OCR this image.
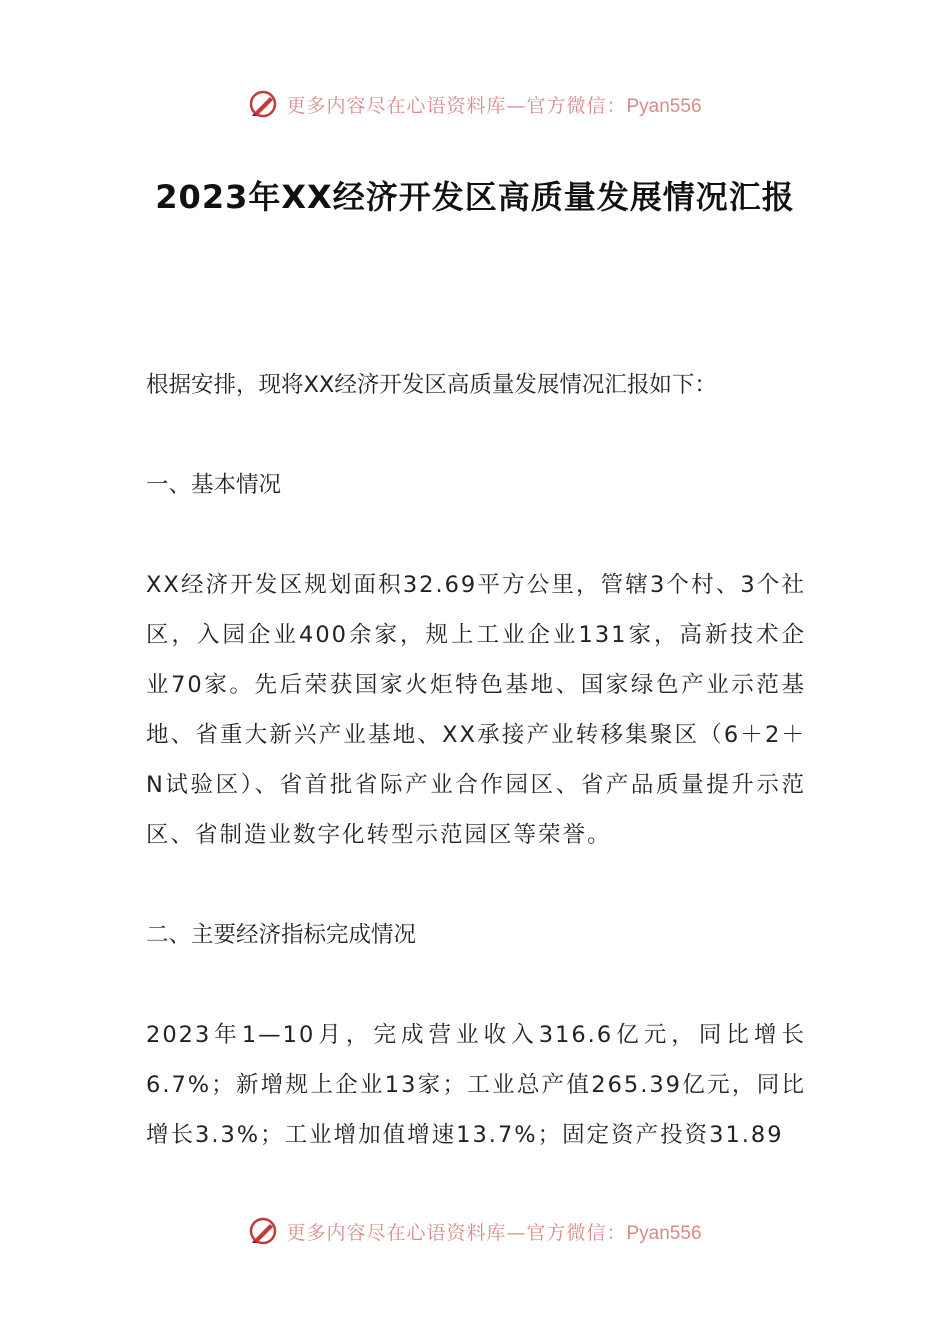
更多内容尽在心语资料库—官方微信：Pyan556
2023年XX经济开发区高质量发展情况汇报

根据安排，现将XX经济开发区高质量发展情况汇报如下：

一、基本情况

XX经济开发区规划面积32.69平方公里，管辖3个村、3个社区，入园企业400余家，规上工业企业131家，高新技术企业70家。先后荣获国家火炬特色基地、国家绿色产业示范基地、省重大新兴产业基地、XX承接产业转移集聚区（6＋2＋N试验区）、省首批省际产业合作园区、省产品质量提升示范区、省制造业数字化转型示范园区等荣誉。

二、主要经济指标完成情况

2023年1—10月，完成营业收入316.6亿元，同比增长6.7%；新增规上企业13家；工业总产值265.39亿元，同比增长3.3%；工业增加值增速13.7%；固定资产投资31.89

更多内容尽在心语资料库—官方微信：Pyan556
